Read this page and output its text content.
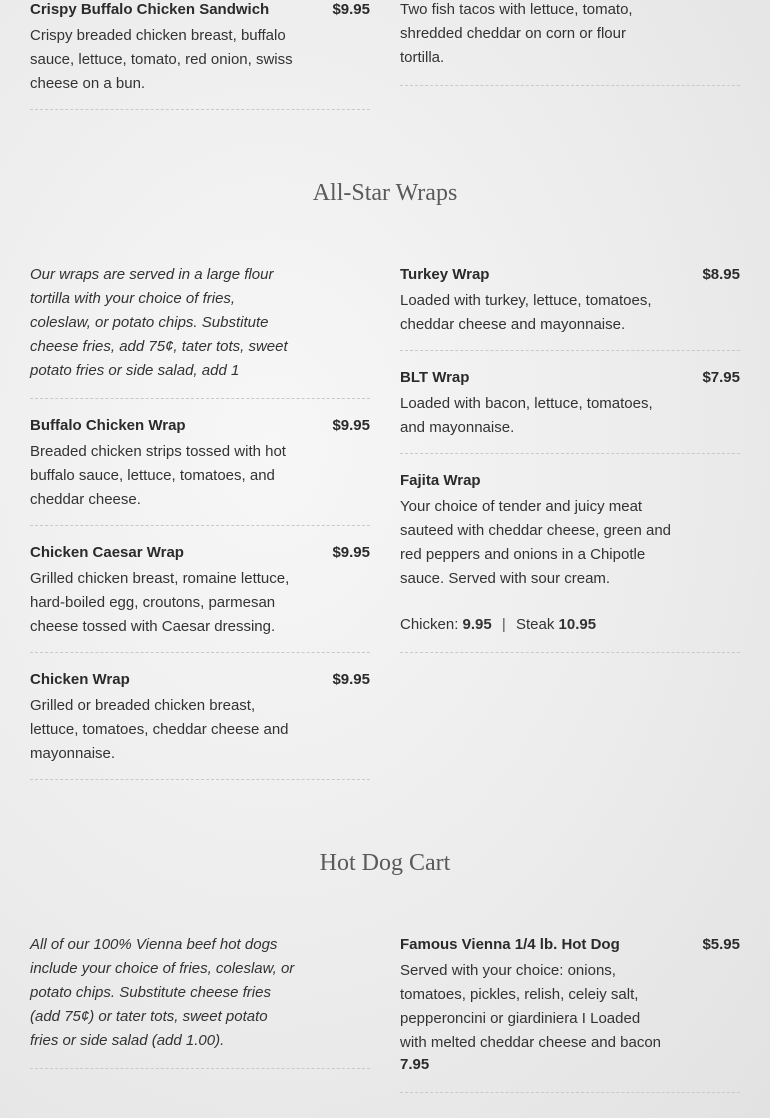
Crispy Buffalo Chicken Sandwich	$9.95
Crispy breaded chicken breast, buffalo sauce, lettuce, tomato, red onion, swiss cheese on a bun.
Two fish tacos with lettuce, tomato, shredded cheddar on corn or flour tortilla.
All-Star Wraps
Our wraps are served in a large flour tortilla with your choice of fries, coleslaw, or potato chips. Substitute cheese fries, add 75¢, tater tots, sweet potato fries or side salad, add 1
Buffalo Chicken Wrap	$9.95
Breaded chicken strips tossed with hot buffalo sauce, lettuce, tomatoes, and cheddar cheese.
Chicken Caesar Wrap	$9.95
Grilled chicken breast, romaine lettuce, hard-boiled egg, croutons, parmesan cheese tossed with Caesar dressing.
Chicken Wrap	$9.95
Grilled or breaded chicken breast, lettuce, tomatoes, cheddar cheese and mayonnaise.
Turkey Wrap	$8.95
Loaded with turkey, lettuce, tomatoes, cheddar cheese and mayonnaise.
BLT Wrap	$7.95
Loaded with bacon, lettuce, tomatoes, and mayonnaise.
Fajita Wrap
Your choice of tender and juicy meat sauteed with cheddar cheese, green and red peppers and onions in a Chipotle sauce. Served with sour cream.
Chicken: 9.95 | Steak 10.95
Hot Dog Cart
All of our 100% Vienna beef hot dogs include your choice of fries, coleslaw, or potato chips. Substitute cheese fries (add 75¢) or tater tots, sweet potato fries or side salad (add 1.00).
Famous Vienna 1/4 lb. Hot Dog	$5.95
Served with your choice: onions, tomatoes, pickles, relish, celeiy salt, pepperoncini or giardiniera I Loaded with melted cheddar cheese and bacon
7.95
